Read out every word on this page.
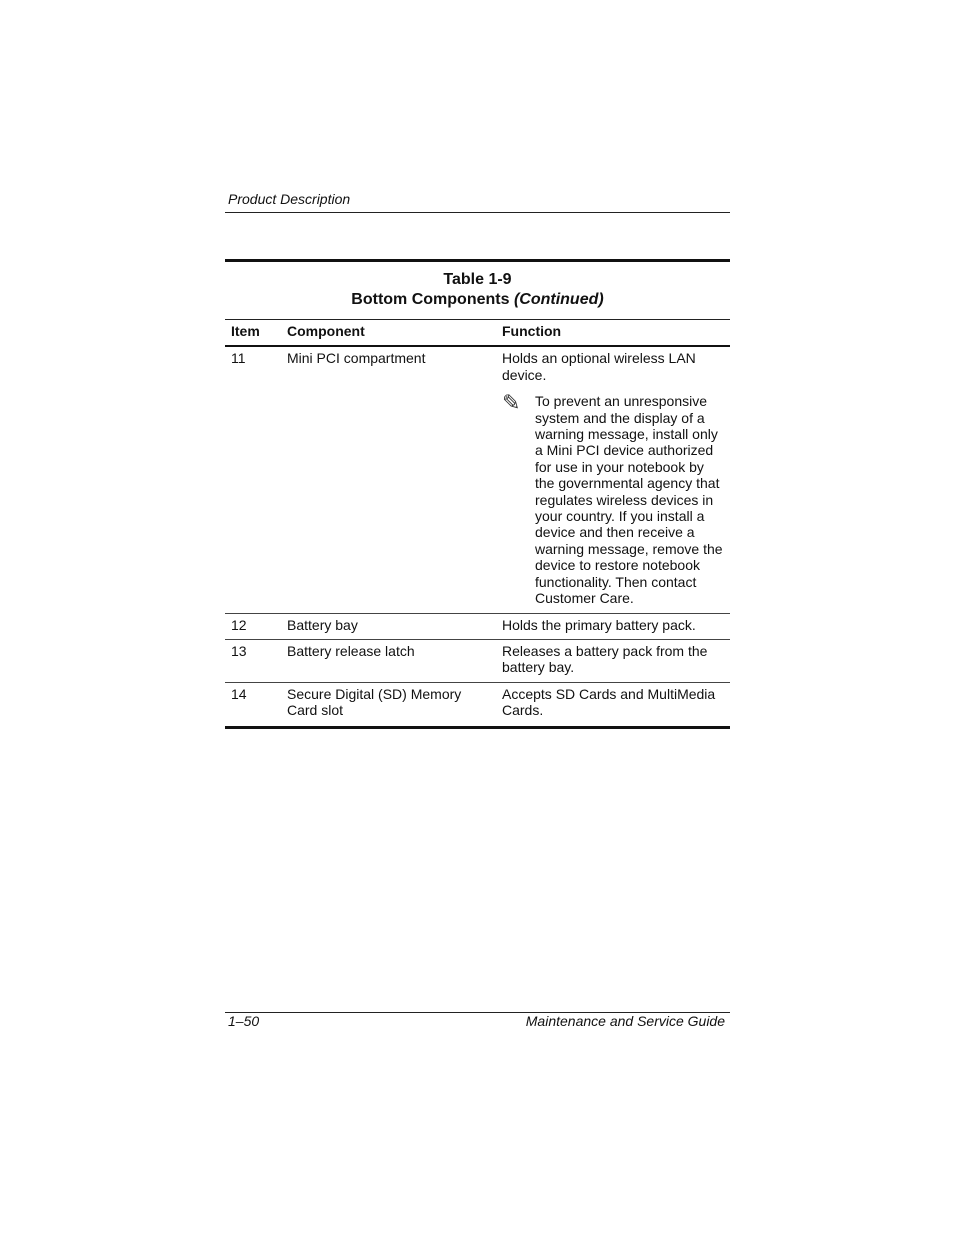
Product Description
Table 1-9
Bottom Components (Continued)
Item	Component	Function
11	Mini PCI compartment	Holds an optional wireless LAN device.
✎ To prevent an unresponsive system and the display of a warning message, install only a Mini PCI device authorized for use in your notebook by the governmental agency that regulates wireless devices in your country. If you install a device and then receive a warning message, remove the device to restore notebook functionality. Then contact Customer Care.

12	Battery bay	Holds the primary battery pack.
13	Battery release latch	Releases a battery pack from the battery bay.
14	Secure Digital (SD) Memory Card slot	Accepts SD Cards and MultiMedia Cards.
1–50	Maintenance and Service Guide
